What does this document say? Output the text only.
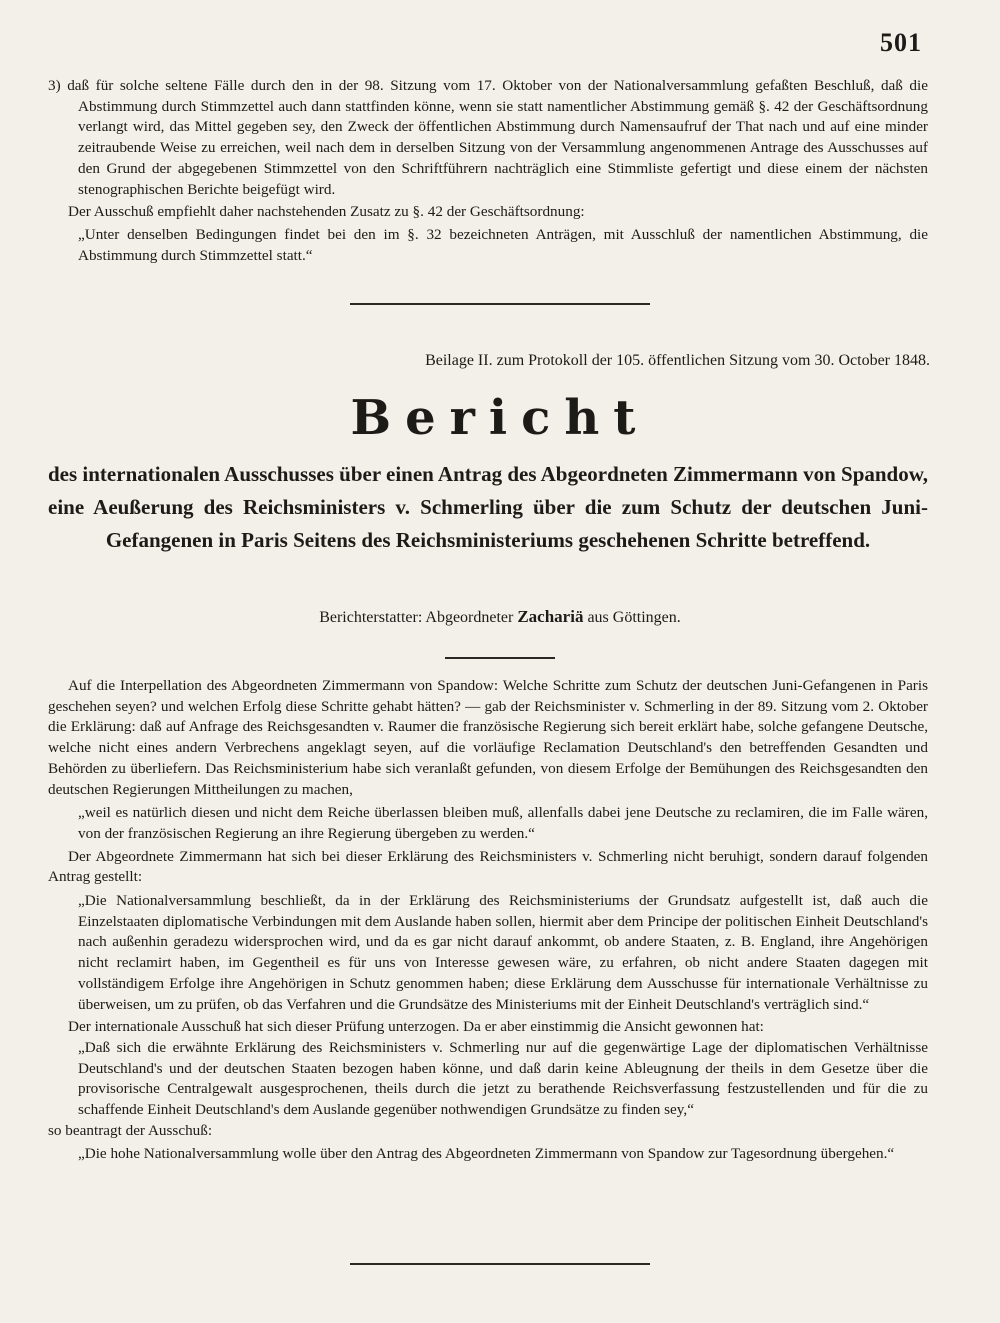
501

3) daß für solche seltene Fälle durch den in der 98. Sitzung vom 17. Oktober von der Nationalversammlung gefaßten Beschluß, daß die Abstimmung durch Stimmzettel auch dann stattfinden könne, wenn sie statt namentlicher Abstimmung gemäß §. 42 der Geschäftsordnung verlangt wird, das Mittel gegeben sey, den Zweck der öffentlichen Abstimmung durch Namensaufruf der That nach und auf eine minder zeitraubende Weise zu erreichen, weil nach dem in derselben Sitzung von der Versammlung angenommenen Antrage des Ausschusses auf den Grund der abgegebenen Stimmzettel von den Schriftführern nachträglich eine Stimmliste gefertigt und diese einem der nächsten stenographischen Berichte beigefügt wird.

Der Ausschuß empfiehlt daher nachstehenden Zusatz zu §. 42 der Geschäftsordnung:

„Unter denselben Bedingungen findet bei den im §. 32 bezeichneten Anträgen, mit Ausschluß der namentlichen Abstimmung, die Abstimmung durch Stimmzettel statt.“

Beilage II. zum Protokoll der 105. öffentlichen Sitzung vom 30. October 1848.
Bericht
des internationalen Ausschusses über einen Antrag des Abgeordneten Zimmermann von Spandow, eine Aeußerung des Reichsministers v. Schmerling über die zum Schutz der deutschen Juni-Gefangenen in Paris Seitens des Reichsministeriums geschehenen Schritte betreffend.
Berichterstatter: Abgeordneter Zachariä aus Göttingen.

Auf die Interpellation des Abgeordneten Zimmermann von Spandow: Welche Schritte zum Schutz der deutschen Juni-Gefangenen in Paris geschehen seyen? und welchen Erfolg diese Schritte gehabt hätten? — gab der Reichsminister v. Schmerling in der 89. Sitzung vom 2. Oktober die Erklärung: daß auf Anfrage des Reichsgesandten v. Raumer die französische Regierung sich bereit erklärt habe, solche gefangene Deutsche, welche nicht eines andern Verbrechens angeklagt seyen, auf die vorläufige Reclamation Deutschland's den betreffenden Gesandten und Behörden zu überliefern. Das Reichsministerium habe sich veranlaßt gefunden, von diesem Erfolge der Bemühungen des Reichsgesandten den deutschen Regierungen Mittheilungen zu machen,

„weil es natürlich diesen und nicht dem Reiche überlassen bleiben muß, allenfalls dabei jene Deutsche zu reclamiren, die im Falle wären, von der französischen Regierung an ihre Regierung übergeben zu werden.“

Der Abgeordnete Zimmermann hat sich bei dieser Erklärung des Reichsministers v. Schmerling nicht beruhigt, sondern darauf folgenden Antrag gestellt:

„Die Nationalversammlung beschließt, da in der Erklärung des Reichsministeriums der Grundsatz aufgestellt ist, daß auch die Einzelstaaten diplomatische Verbindungen mit dem Auslande haben sollen, hiermit aber dem Principe der politischen Einheit Deutschland's nach außenhin geradezu widersprochen wird, und da es gar nicht darauf ankommt, ob andere Staaten, z. B. England, ihre Angehörigen nicht reclamirt haben, im Gegentheil es für uns von Interesse gewesen wäre, zu erfahren, ob nicht andere Staaten dagegen mit vollständigem Erfolge ihre Angehörigen in Schutz genommen haben; diese Erklärung dem Ausschusse für internationale Verhältnisse zu überweisen, um zu prüfen, ob das Verfahren und die Grundsätze des Ministeriums mit der Einheit Deutschland's verträglich sind.“

Der internationale Ausschuß hat sich dieser Prüfung unterzogen. Da er aber einstimmig die Ansicht gewonnen hat:

„Daß sich die erwähnte Erklärung des Reichsministers v. Schmerling nur auf die gegenwärtige Lage der diplomatischen Verhältnisse Deutschland's und der deutschen Staaten bezogen haben könne, und daß darin keine Ableugnung der theils in dem Gesetze über die provisorische Centralgewalt ausgesprochenen, theils durch die jetzt zu berathende Reichsverfassung festzustellenden und für die zu schaffende Einheit Deutschland's dem Auslande gegenüber nothwendigen Grundsätze zu finden sey,“

so beantragt der Ausschuß:

„Die hohe Nationalversammlung wolle über den Antrag des Abgeordneten Zimmermann von Spandow zur Tagesordnung übergehen.“
